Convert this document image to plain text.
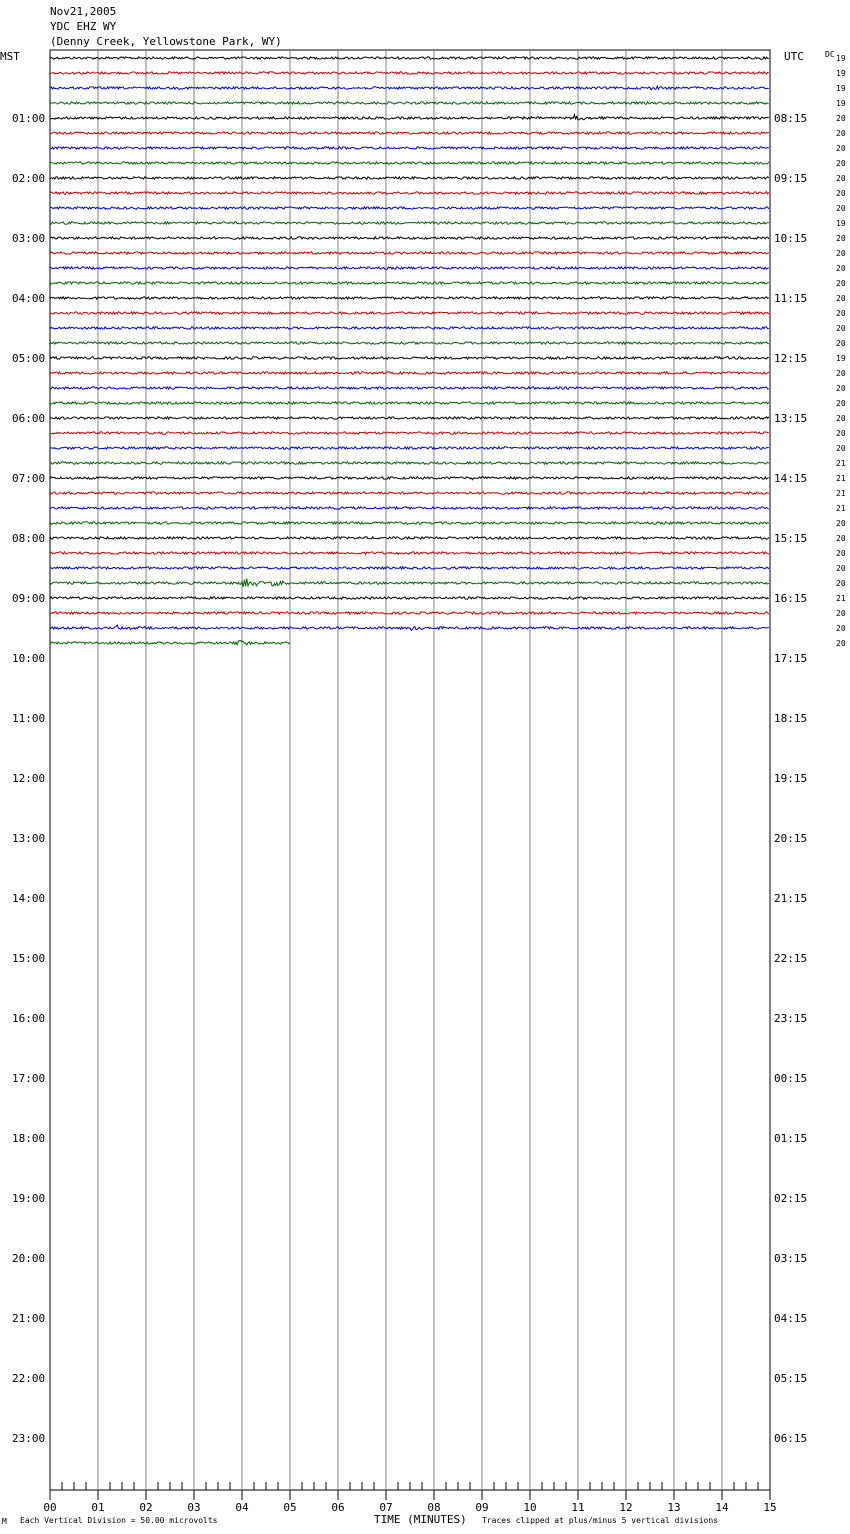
Nov21,2005
YDC EHZ WY
(Denny Creek, Yellowstone Park, WY)
19
19
19
19
20
20
20
20
20
20
20
19
20
20
20
20
20
20
20
20
19
20
20
20
20
20
20
21
21
21
21
20
20
20
20
20
21
20
20
20
01:00
02:00
03:00
04:00
05:00
06:00
07:00
08:00
09:00
10:00
11:00
12:00
13:00
14:00
15:00
16:00
17:00
18:00
19:00
20:00
21:00
22:00
23:00
08:15
09:15
10:15
11:15
12:15
13:15
14:15
15:15
16:15
17:15
18:15
19:15
20:15
21:15
22:15
23:15
00:15
01:15
02:15
03:15
04:15
05:15
06:15
00	01	02	03	04	05	06	07	08	09	10	11	12	13	14	15
MST	UTC	DC
M Each Vertical Division = 50.00 microvolts	TIME (MINUTES) Traces clipped at plus/minus 5 vertical divisions
